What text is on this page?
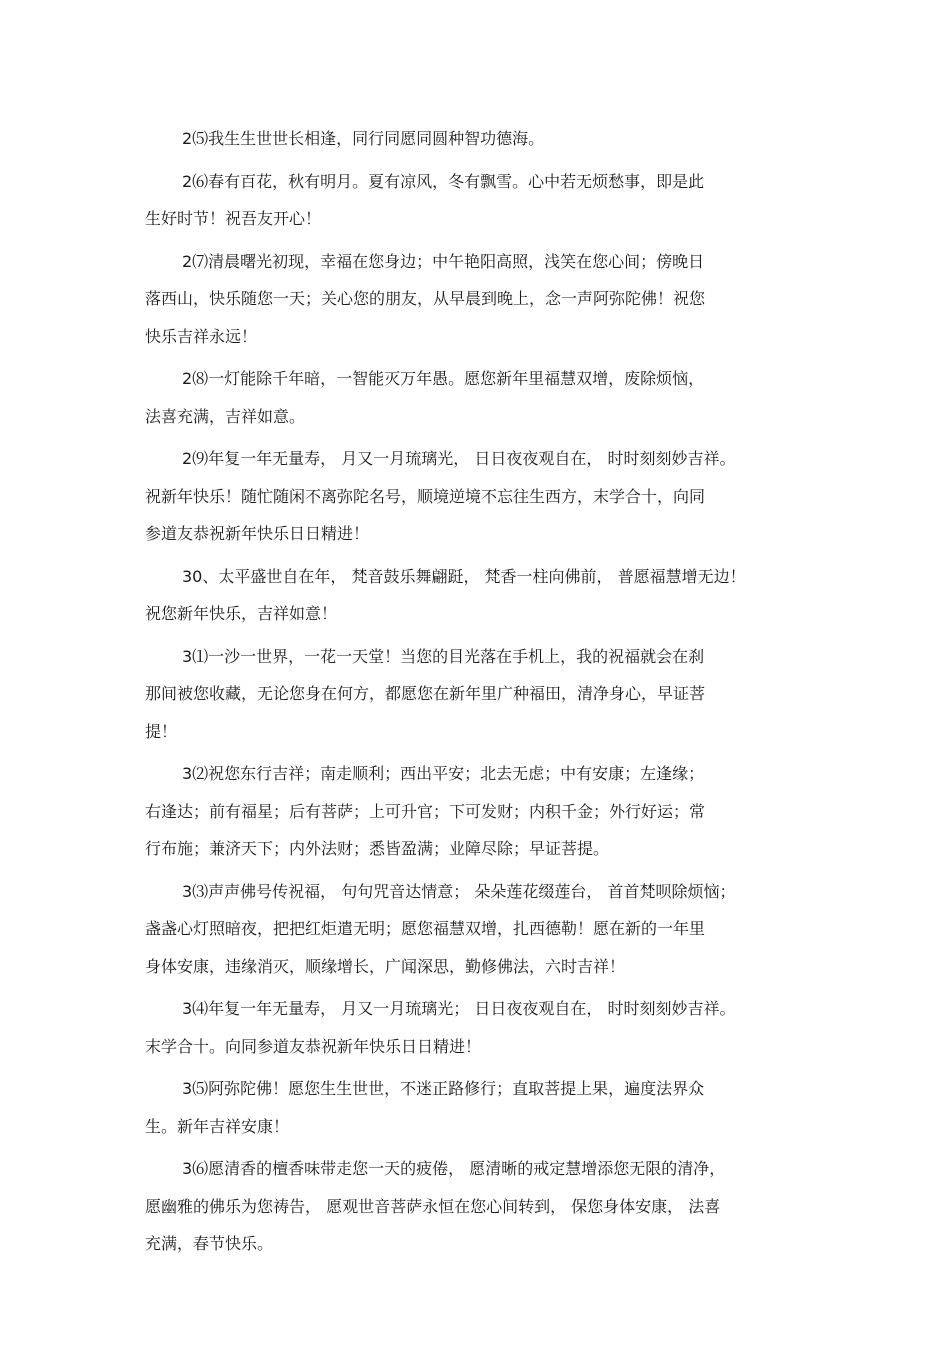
2⑸我生生世世长相逢，同行同愿同圆种智功德海。

2⑹春有百花，秋有明月。夏有凉风，冬有飘雪。心中若无烦愁事，即是此
生好时节！祝吾友开心！

2⑺清晨曙光初现，幸福在您身边；中午艳阳高照，浅笑在您心间；傍晚日
落西山，快乐随您一天；关心您的朋友，从早晨到晚上，念一声阿弥陀佛！祝您
快乐吉祥永远！

2⑻一灯能除千年暗，一智能灭万年愚。愿您新年里福慧双增，废除烦恼，
法喜充满，吉祥如意。

2⑼年复一年无量寿， 月又一月琉璃光， 日日夜夜观自在， 时时刻刻妙吉祥。
祝新年快乐！随忙随闲不离弥陀名号，顺境逆境不忘往生西方，末学合十，向同
参道友恭祝新年快乐日日精进！

30、太平盛世自在年， 梵音鼓乐舞翩跹， 梵香一柱向佛前， 普愿福慧增无边！
祝您新年快乐，吉祥如意！

3⑴一沙一世界，一花一天堂！当您的目光落在手机上，我的祝福就会在刹
那间被您收藏，无论您身在何方，都愿您在新年里广种福田，清净身心，早证菩
提！

3⑵祝您东行吉祥；南走顺利；西出平安；北去无虑；中有安康；左逢缘；
右逢达；前有福星；后有菩萨；上可升官；下可发财；内积千金；外行好运；常
行布施；兼济天下；内外法财；悉皆盈满；业障尽除；早证菩提。

3⑶声声佛号传祝福， 句句咒音达情意； 朵朵莲花缀莲台， 首首梵呗除烦恼；
盏盏心灯照暗夜，把把红炬遣无明；愿您福慧双增，扎西德勒！愿在新的一年里
身体安康，违缘消灭，顺缘增长，广闻深思，勤修佛法，六时吉祥！

3⑷年复一年无量寿， 月又一月琉璃光； 日日夜夜观自在， 时时刻刻妙吉祥。
末学合十。向同参道友恭祝新年快乐日日精进！

3⑸阿弥陀佛！愿您生生世世，不迷正路修行；直取菩提上果，遍度法界众
生。新年吉祥安康！

3⑹愿清香的檀香味带走您一天的疲倦， 愿清晰的戒定慧增添您无限的清净，
愿幽雅的佛乐为您祷告， 愿观世音菩萨永恒在您心间转到， 保您身体安康， 法喜
充满，春节快乐。
